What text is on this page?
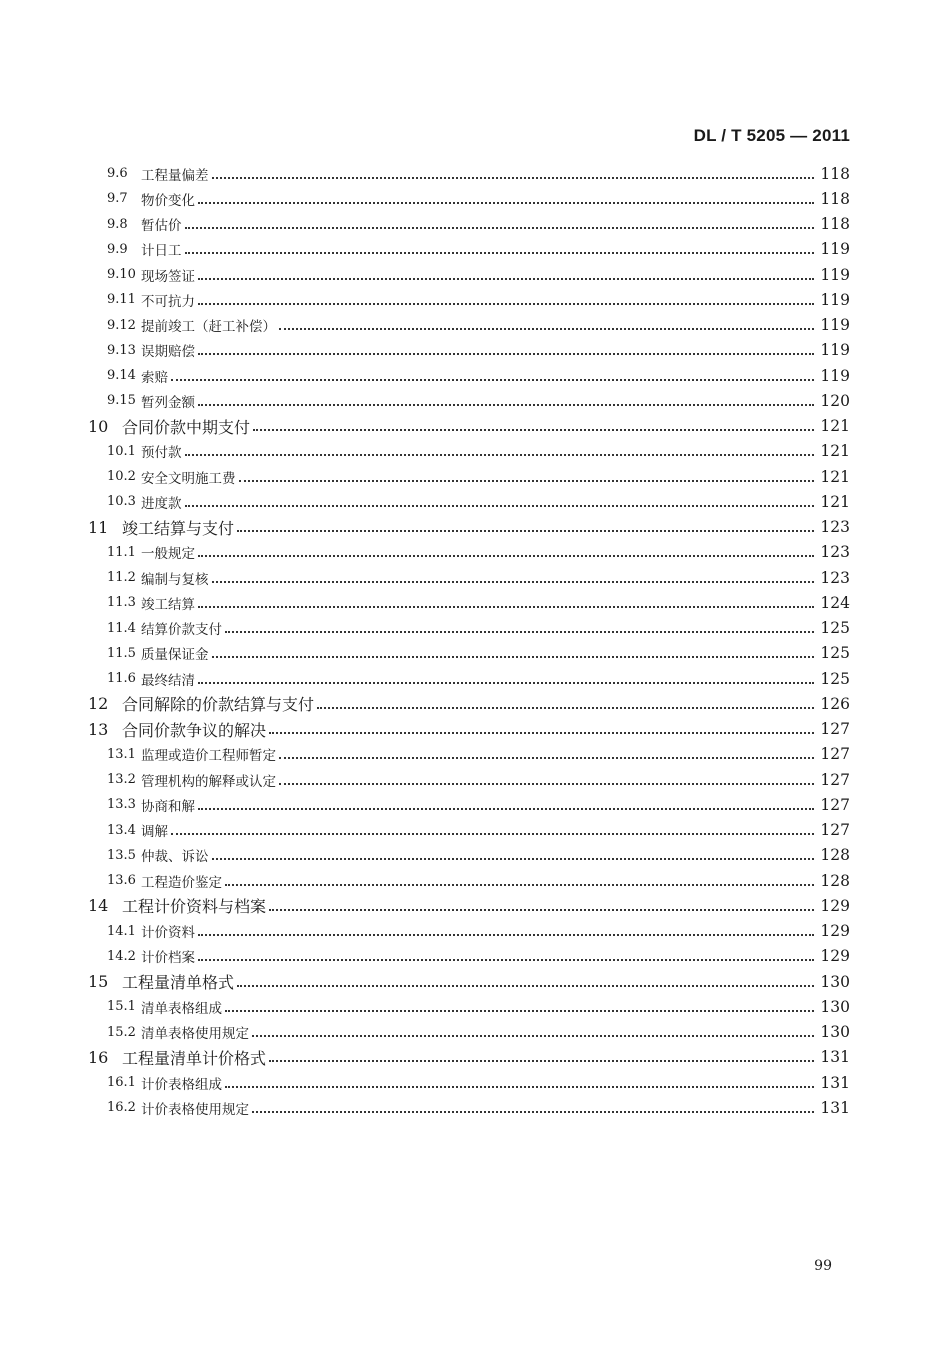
DL / T 5205 — 2011
9.6 工程量偏差	118
9.7 物价变化	118
9.8 暂估价	118
9.9 计日工	119
9.10 现场签证	119
9.11 不可抗力	119
9.12 提前竣工（赶工补偿）	119
9.13 误期赔偿	119
9.14 索赔	119
9.15 暂列金额	120
10 合同价款中期支付	121
10.1 预付款	121
10.2 安全文明施工费	121
10.3 进度款	121
11 竣工结算与支付	123
11.1 一般规定	123
11.2 编制与复核	123
11.3 竣工结算	124
11.4 结算价款支付	125
11.5 质量保证金	125
11.6 最终结清	125
12 合同解除的价款结算与支付	126
13 合同价款争议的解决	127
13.1 监理或造价工程师暂定	127
13.2 管理机构的解释或认定	127
13.3 协商和解	127
13.4 调解	127
13.5 仲裁、诉讼	128
13.6 工程造价鉴定	128
14 工程计价资料与档案	129
14.1 计价资料	129
14.2 计价档案	129
15 工程量清单格式	130
15.1 清单表格组成	130
15.2 清单表格使用规定	130
16 工程量清单计价格式	131
16.1 计价表格组成	131
16.2 计价表格使用规定	131
99
